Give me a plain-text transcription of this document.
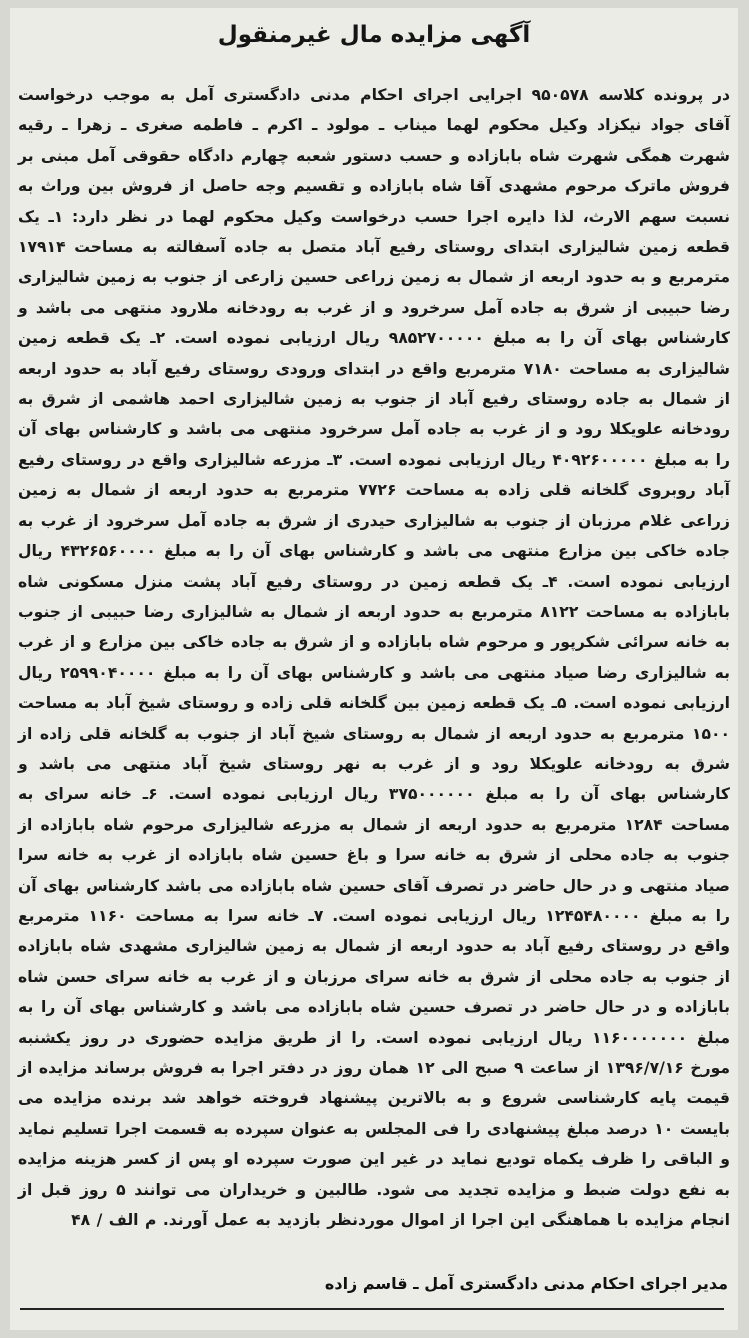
آگهی مزایده مال غیرمنقول

در پرونده کلاسه ۹۵۰۵۷۸ اجرایی اجرای احکام مدنی دادگستری آمل به موجب درخواست آقای جواد نیکزاد وکیل محکوم لهما میناب ـ مولود ـ اکرم ـ فاطمه صغری ـ زهرا ـ رقیه شهرت همگی شهرت شاه بابازاده و حسب دستور شعبه چهارم دادگاه حقوقی آمل مبنی بر فروش ماترک مرحوم مشهدی آقا شاه بابازاده و تقسیم وجه حاصل از فروش بین وراث به نسبت سهم الارث، لذا دایره اجرا حسب درخواست وکیل محکوم لهما در نظر دارد: ۱ـ یک قطعه زمین شالیزاری ابتدای روستای رفیع آباد متصل به جاده آسفالته به مساحت ۱۷۹۱۴ مترمربع و به حدود اربعه از شمال به زمین زراعی حسین زارعی از جنوب به زمین شالیزاری رضا حبیبی از شرق به جاده آمل سرخرود و از غرب به رودخانه ملارود منتهی می باشد و کارشناس بهای آن را به مبلغ ۹۸۵۲۷۰۰۰۰۰ ریال ارزیابی نموده است. ۲ـ یک قطعه زمین شالیزاری به مساحت ۷۱۸۰ مترمربع واقع در ابتدای ورودی روستای رفیع آباد به حدود اربعه از شمال به جاده روستای رفیع آباد از جنوب به زمین شالیزاری احمد هاشمی از شرق به رودخانه علویکلا رود و از غرب به جاده آمل سرخرود منتهی می باشد و کارشناس بهای آن را به مبلغ ۴۰۹۲۶۰۰۰۰۰ ریال ارزیابی نموده است. ۳ـ مزرعه شالیزاری واقع در روستای رفیع آباد روبروی گلخانه قلی زاده به مساحت ۷۷۲۶ مترمربع به حدود اربعه از شمال به زمین زراعی غلام مرزبان از جنوب به شالیزاری حیدری از شرق به جاده آمل سرخرود از غرب به جاده خاکی بین مزارع منتهی می باشد و کارشناس بهای آن را به مبلغ ۴۳۲۶۵۶۰۰۰۰ ریال ارزیابی نموده است. ۴ـ یک قطعه زمین در روستای رفیع آباد پشت منزل مسکونی شاه بابازاده به مساحت ۸۱۲۲ مترمربع به حدود اربعه از شمال به شالیزاری رضا حبیبی از جنوب به خانه سرائی شکرپور و مرحوم شاه بابازاده و از شرق به جاده خاکی بین مزارع و از غرب به شالیزاری رضا صیاد منتهی می باشد و کارشناس بهای آن را به مبلغ ۲۵۹۹۰۴۰۰۰۰ ریال ارزیابی نموده است. ۵ـ یک قطعه زمین بین گلخانه قلی زاده و روستای شیخ آباد به مساحت ۱۵۰۰ مترمربع به حدود اربعه از شمال به روستای شیخ آباد از جنوب به گلخانه قلی زاده از شرق به رودخانه علویکلا رود و از غرب به نهر روستای شیخ آباد منتهی می باشد و کارشناس بهای آن را به مبلغ ۳۷۵۰۰۰۰۰۰ ریال ارزیابی نموده است. ۶ـ خانه سرای به مساحت ۱۲۸۴ مترمربع به حدود اربعه از شمال به مزرعه شالیزاری مرحوم شاه بابازاده از جنوب به جاده محلی از شرق به خانه سرا و باغ حسین شاه بابازاده از غرب به خانه سرا صیاد منتهی و در حال حاضر در تصرف آقای حسین شاه بابازاده می باشد کارشناس بهای آن را به مبلغ ۱۲۴۵۴۸۰۰۰۰ ریال ارزیابی نموده است. ۷ـ خانه سرا به مساحت ۱۱۶۰ مترمربع واقع در روستای رفیع آباد به حدود اربعه از شمال به زمین شالیزاری مشهدی شاه بابازاده از جنوب به جاده محلی از شرق به خانه سرای مرزبان و از غرب به خانه سرای حسن شاه بابازاده و در حال حاضر در تصرف حسین شاه بابازاده می باشد و کارشناس بهای آن را به مبلغ ۱۱۶۰۰۰۰۰۰۰ ریال ارزیابی نموده است. را از طریق مزایده حضوری در روز یکشنبه مورخ ۱۳۹۶/۷/۱۶ از ساعت ۹ صبح الی ۱۲ همان روز در دفتر اجرا به فروش برساند مزایده از قیمت پایه کارشناسی شروع و به بالاترین پیشنهاد فروخته خواهد شد برنده مزایده می بایست ۱۰ درصد مبلغ پیشنهادی را فی المجلس به عنوان سپرده به قسمت اجرا تسلیم نماید و الباقی را ظرف یکماه تودیع نماید در غیر این صورت سپرده او پس از کسر هزینه مزایده به نفع دولت ضبط و مزایده تجدید می شود. طالبین و خریداران می توانند ۵ روز قبل از انجام مزایده با هماهنگی این اجرا از اموال موردنظر بازدید به عمل آورند. م الف / ۴۸

مدیر اجرای احکام مدنی دادگستری آمل ـ قاسم زاده
